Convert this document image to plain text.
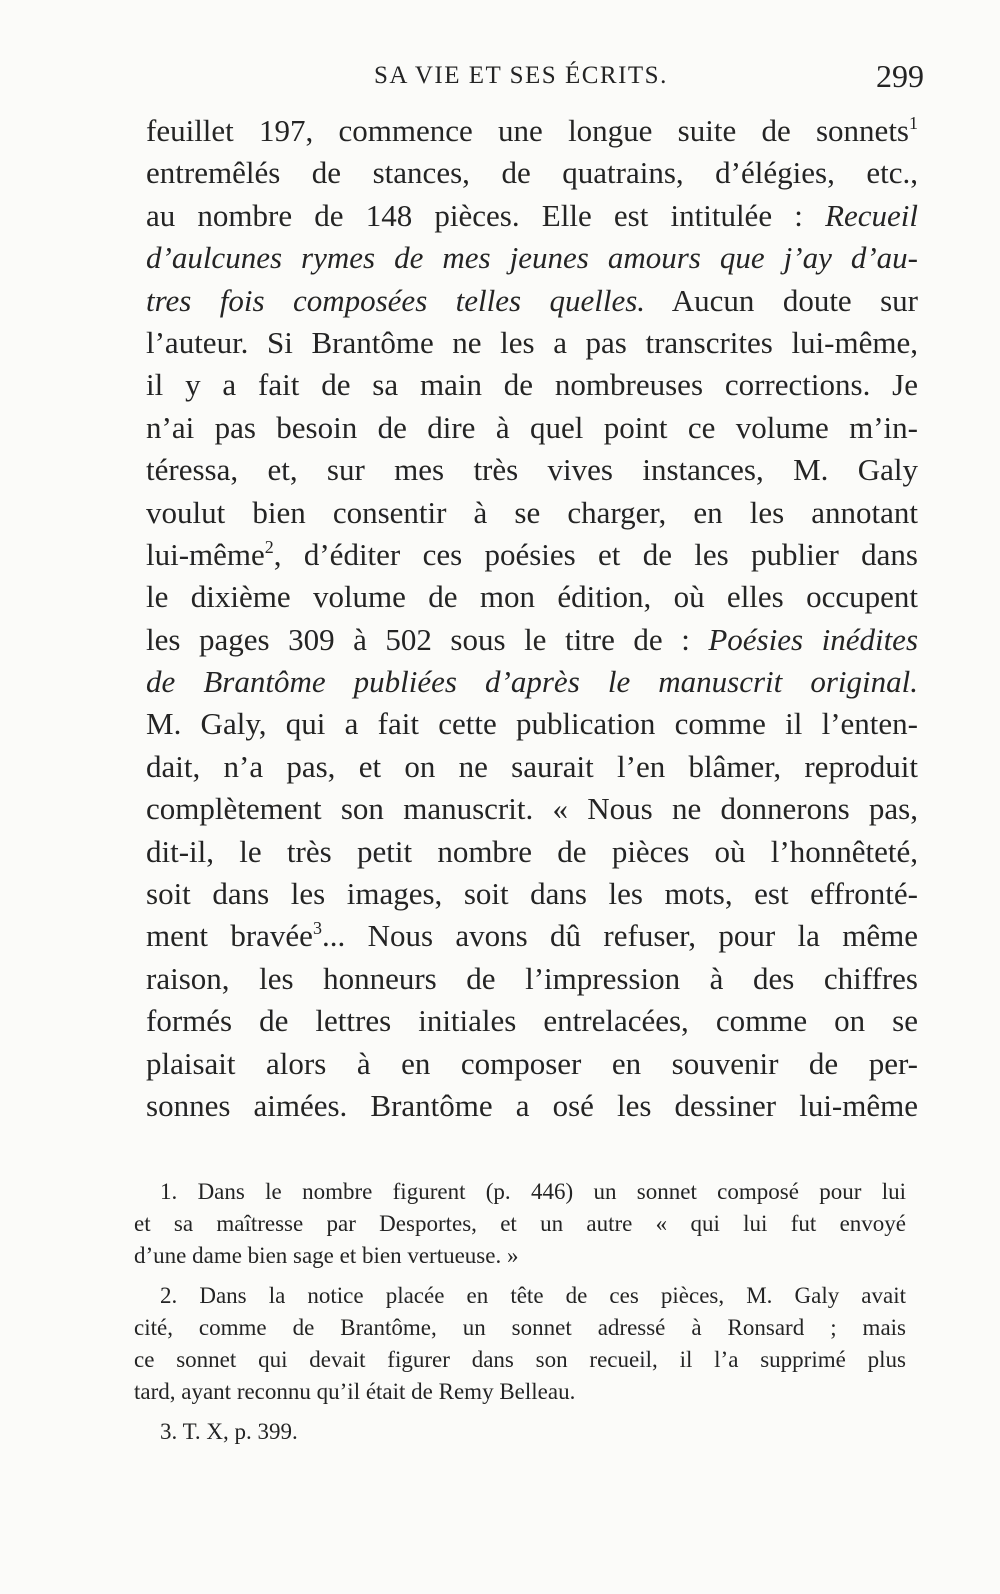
SA VIE ET SES ÉCRITS.	299
feuillet 197, commence une longue suite de sonnets$^1$
entremêlés de stances, de quatrains, d’élégies, etc.,
au nombre de 148 pièces. Elle est intitulée : Recueil
d’aulcunes rymes de mes jeunes amours que j’ay d’au-
tres fois composées telles quelles. Aucun doute sur
l’auteur. Si Brantôme ne les a pas transcrites lui-même,
il y a fait de sa main de nombreuses corrections. Je
n’ai pas besoin de dire à quel point ce volume m’in-
téressa, et, sur mes très vives instances, M. Galy
voulut bien consentir à se charger, en les annotant
lui-même$^2$, d’éditer ces poésies et de les publier dans
le dixième volume de mon édition, où elles occupent
les pages 309 à 502 sous le titre de : Poésies inédites
de Brantôme publiées d’après le manuscrit original.
M. Galy, qui a fait cette publication comme il l’enten-
dait, n’a pas, et on ne saurait l’en blâmer, reproduit
complètement son manuscrit. « Nous ne donnerons pas,
dit-il, le très petit nombre de pièces où l’honnêteté,
soit dans les images, soit dans les mots, est effronté-
ment bravée$^3$... Nous avons dû refuser, pour la même
raison, les honneurs de l’impression à des chiffres
formés de lettres initiales entrelacées, comme on se
plaisait alors à en composer en souvenir de per-
sonnes aimées. Brantôme a osé les dessiner lui-même
1. Dans le nombre figurent (p. 446) un sonnet composé pour lui
et sa maîtresse par Desportes, et un autre « qui lui fut envoyé
d’une dame bien sage et bien vertueuse. »
2. Dans la notice placée en tête de ces pièces, M. Galy avait
cité, comme de Brantôme, un sonnet adressé à Ronsard ; mais
ce sonnet qui devait figurer dans son recueil, il l’a supprimé plus
tard, ayant reconnu qu’il était de Remy Belleau.
3. T. X, p. 399.
